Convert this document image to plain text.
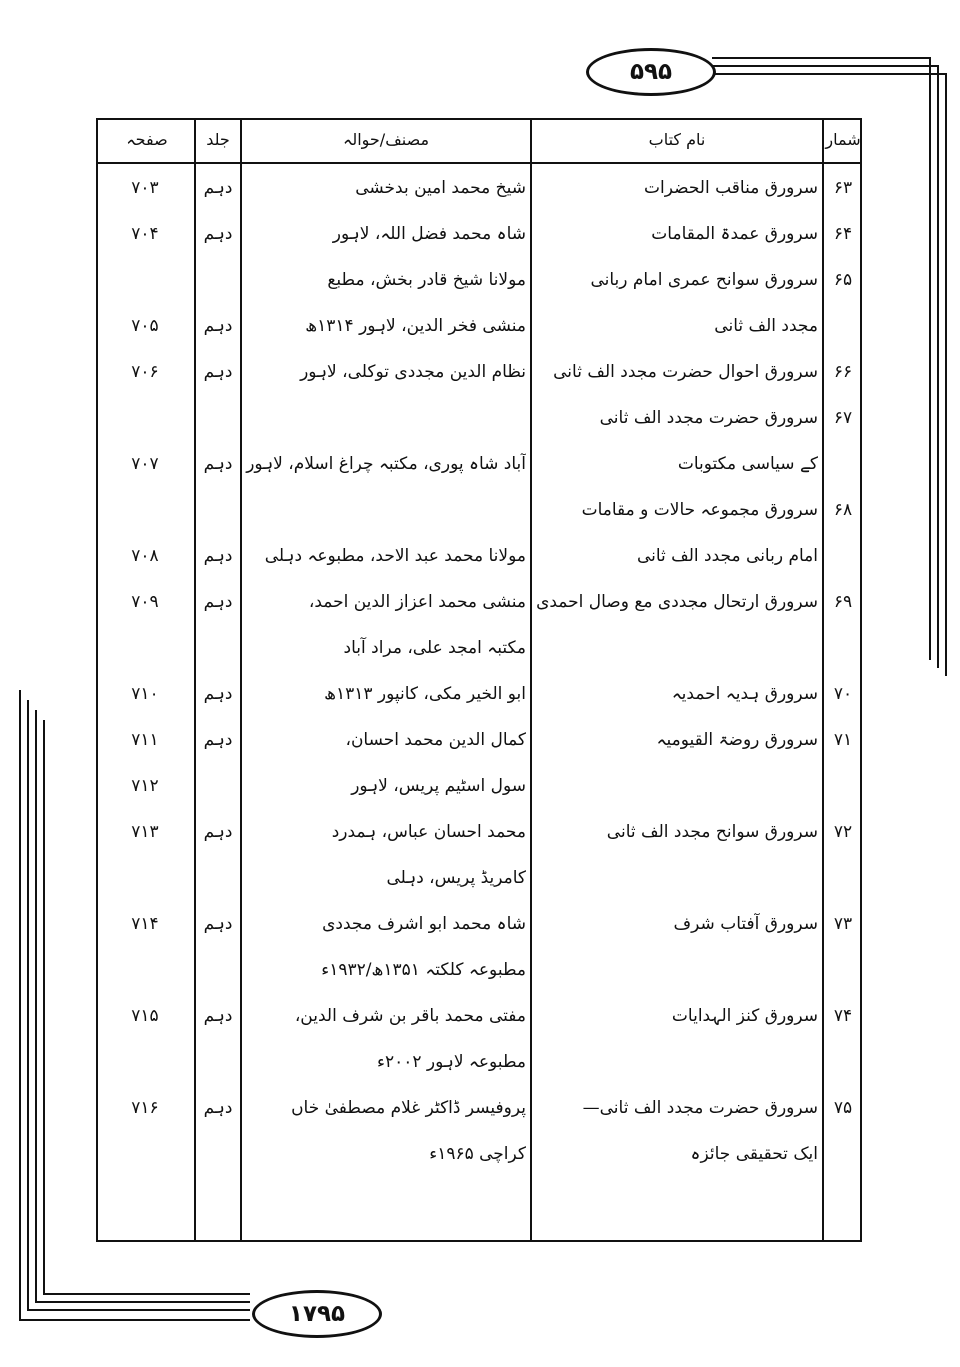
۵۹۵
۱۷۹۵
شمار
نام کتاب
مصنف/حوالہ
جلد
صفحہ
۶۳
سرورق مناقب الحضرات
شیخ محمد امین بدخشی
دہم
۷۰۳
۶۴
سرورق عمدۃ المقامات
شاہ محمد فضل اللہ، لاہور
دہم
۷۰۴
۶۵
سرورق سوانح عمری امام ربانی
مولانا شیخ قادر بخش، مطبع
مجدد الف ثانی
منشی فخر الدین، لاہور ۱۳۱۴ھ
دہم
۷۰۵
۶۶
سرورق احوال حضرت مجدد الف ثانی
نظام الدین مجددی توکلی، لاہور
دہم
۷۰۶
۶۷
سرورق حضرت مجدد الف ثانی
کے سیاسی مکتوبات
آباد شاہ پوری، مکتبہ چراغ اسلام، لاہور
دہم
۷۰۷
۶۸
سرورق مجموعہ حالات و مقامات
امام ربانی مجدد الف ثانی
مولانا محمد عبد الاحد، مطبوعہ دہلی
دہم
۷۰۸
۶۹
سرورق ارتحال مجددی مع وصال احمدی
منشی محمد اعزاز الدین احمد،
دہم
۷۰۹
مکتبہ امجد علی، مراد آباد
۷۰
سرورق ہدیہ احمدیہ
ابو الخیر مکی، کانپور ۱۳۱۳ھ
دہم
۷۱۰
۷۱
سرورق روضۃ القیومیہ
کمال الدین محمد احسان،
دہم
۷۱۱
سول اسٹیم پریس، لاہور
۷۱۲
۷۲
سرورق سوانح مجدد الف ثانی
محمد احسان عباس، ہمدرد
دہم
۷۱۳
کامریڈ پریس، دہلی
۷۳
سرورق آفتاب شرف
شاہ محمد ابو اشرف مجددی
دہم
۷۱۴
مطبوعہ کلکتہ ۱۳۵۱ھ/۱۹۳۲ء
۷۴
سرورق کنز الہدایات
مفتی محمد باقر بن شرف الدین،
دہم
۷۱۵
مطبوعہ لاہور ۲۰۰۲ء
۷۵
سرورق حضرت مجدد الف ثانی—
پروفیسر ڈاکٹر غلام مصطفیٰ خاں
دہم
۷۱۶
ایک تحقیقی جائزہ
کراچی ۱۹۶۵ء
